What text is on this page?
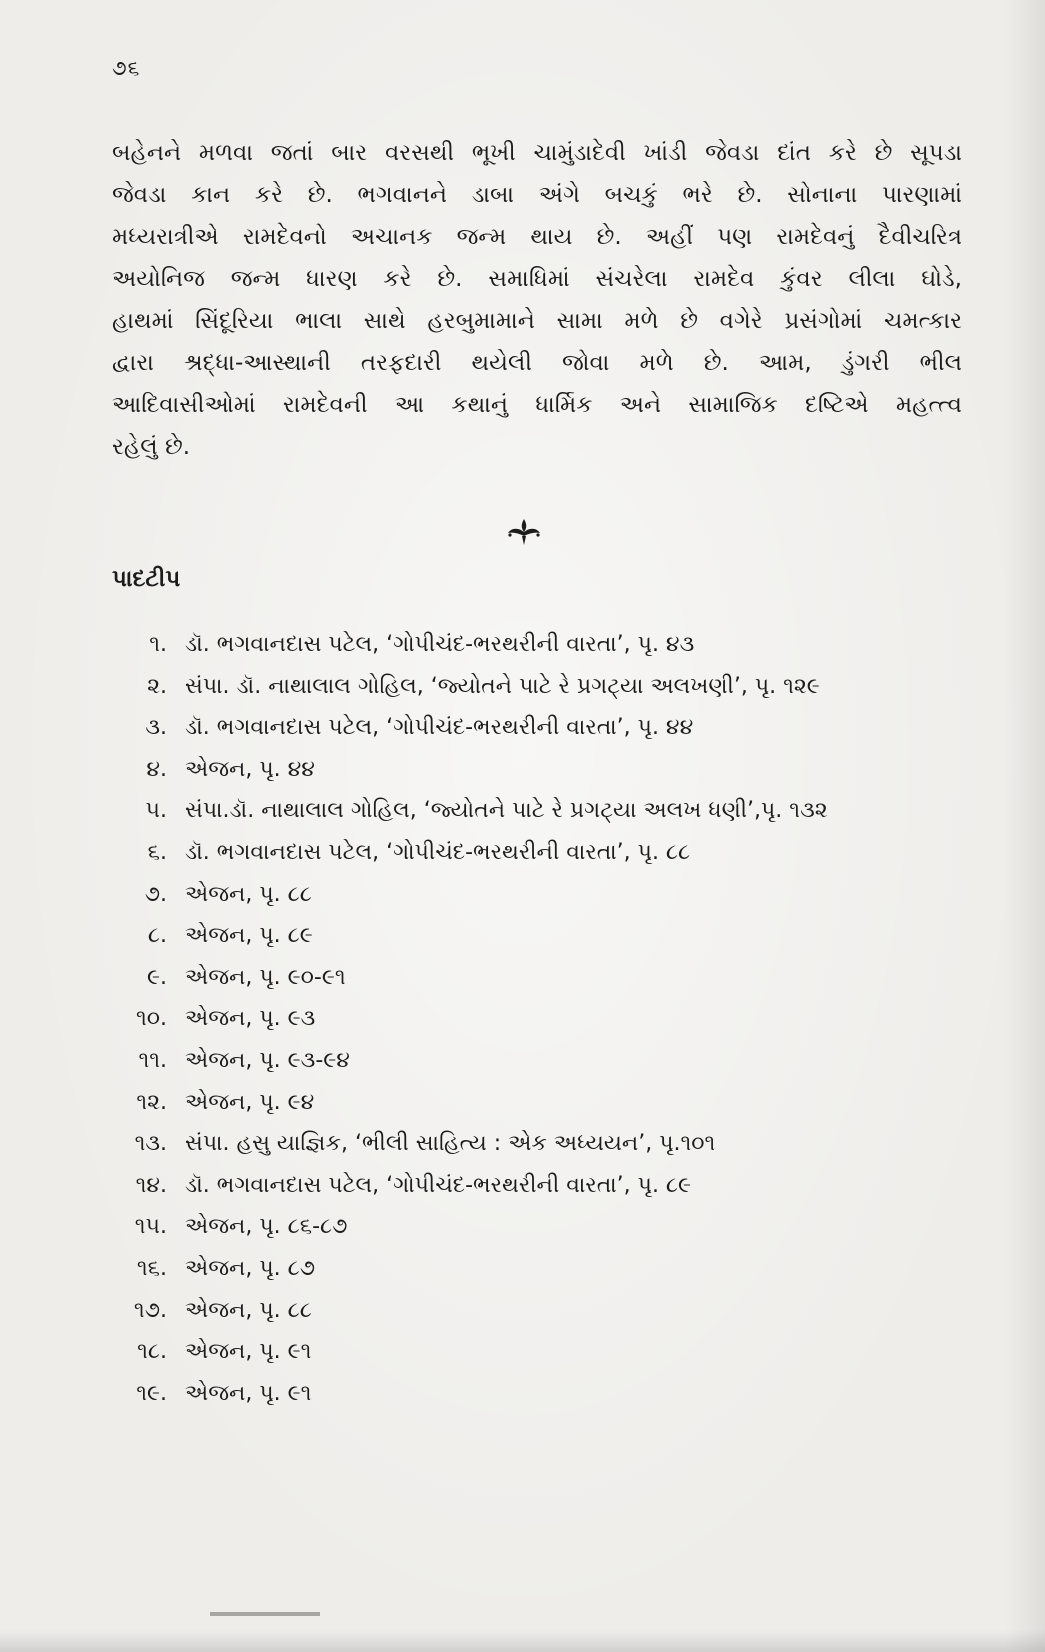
૭૬
બહેનને મળવા જતાં બાર વરસથી ભૂખી ચામુંડાદેવી ખાંડી જેવડા દાંત કરે છે સૂપડા
જેવડા કાન કરે છે. ભગવાનને ડાબા અંગે બચકું ભરે છે. સોનાના પારણામાં
મધ્યરાત્રીએ રામદેવનો અચાનક જન્મ થાય છે. અહીં પણ રામદેવનું દૈવીચરિત્ર
અયોનિજ જન્મ ધારણ કરે છે. સમાધિમાં સંચરેલા રામદેવ કુંવર લીલા ઘોડે,
હાથમાં સિંદૂરિયા ભાલા સાથે હરબુમામાને સામા મળે છે વગેરે પ્રસંગોમાં ચમત્કાર
દ્વારા શ્રદ્ધા-આસ્થાની તરફદારી થયેલી જોવા મળે છે. આમ, ડુંગરી ભીલ
આદિવાસીઓમાં રામદેવની આ કથાનું ધાર્મિક અને સામાજિક દષ્ટિએ મહત્ત્વ
રહેલું છે.
પાદટીપ
૧. ડૉ. ભગવાનદાસ પટેલ, ‘ગોપીચંદ-ભરથરીની વારતા’, પૃ. ૪૩
૨. સંપા. ડૉ. નાથાલાલ ગોહિલ, ‘જ્યોતને પાટે રે પ્રગટ્યા અલખણી’, પૃ. ૧૨૯
૩. ડૉ. ભગવાનદાસ પટેલ, ‘ગોપીચંદ-ભરથરીની વારતા’, પૃ. ૪૪
૪. એજન, પૃ. ૪૪
૫. સંપા.ડૉ. નાથાલાલ ગોહિલ, ‘જ્યોતને પાટે રે પ્રગટ્યા અલખ ધણી’,પૃ. ૧૩૨
૬. ડૉ. ભગવાનદાસ પટેલ, ‘ગોપીચંદ-ભરથરીની વારતા’, પૃ. ૮૮
૭. એજન, પૃ. ૮૮
૮. એજન, પૃ. ૮૯
૯. એજન, પૃ. ૯૦-૯૧
૧૦. એજન, પૃ. ૯૩
૧૧. એજન, પૃ. ૯૩-૯૪
૧૨. એજન, પૃ. ૯૪
૧૩. સંપા. હસુ યાજ્ઞિક, ‘ભીલી સાહિત્ય : એક અધ્યયન’, પૃ.૧૦૧
૧૪. ડૉ. ભગવાનદાસ પટેલ, ‘ગોપીચંદ-ભરથરીની વારતા’, પૃ. ૮૯
૧૫. એજન, પૃ. ૮૬-૮૭
૧૬. એજન, પૃ. ૮૭
૧૭. એજન, પૃ. ૮૮
૧૮. એજન, પૃ. ૯૧
૧૯. એજન, પૃ. ૯૧
